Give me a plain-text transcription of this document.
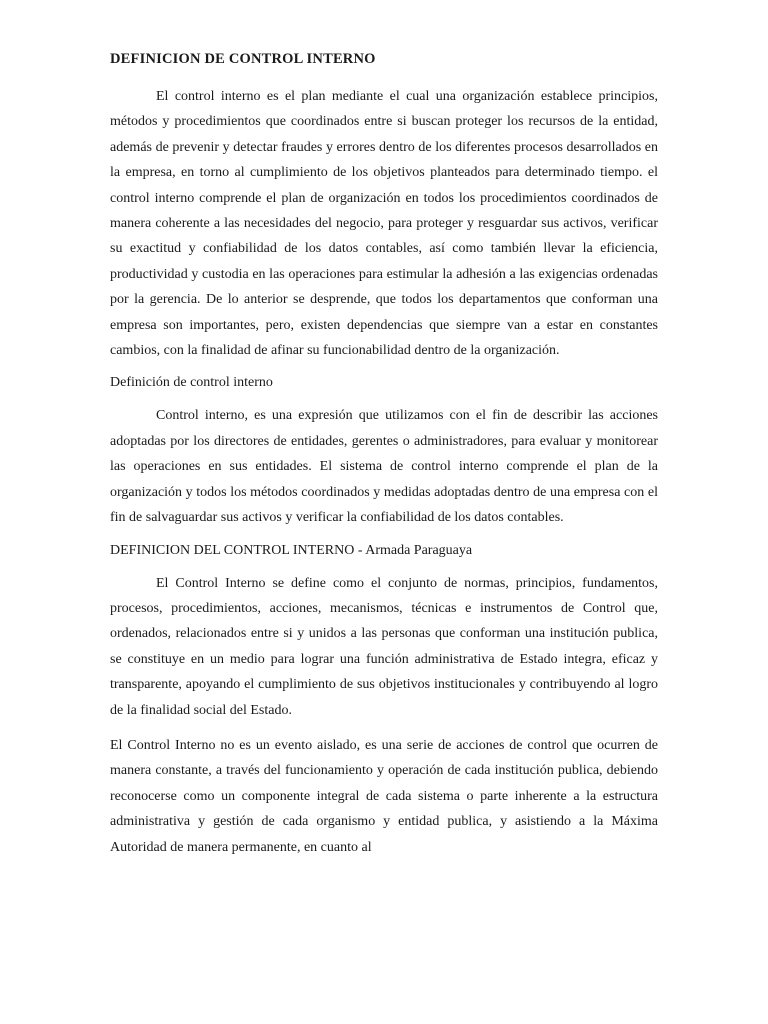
DEFINICION DE CONTROL INTERNO

El control interno es el plan mediante el cual una organización establece principios, métodos y procedimientos que coordinados entre si buscan proteger los recursos de la entidad, además de prevenir y detectar fraudes y errores dentro de los diferentes procesos desarrollados en la empresa, en torno al cumplimiento de los objetivos planteados para determinado tiempo. el control interno comprende el plan de organización en todos los procedimientos coordinados de manera coherente a las necesidades del negocio, para proteger y resguardar sus activos, verificar su exactitud y confiabilidad de los datos contables, así como también llevar la eficiencia, productividad y custodia en las operaciones para estimular la adhesión a las exigencias ordenadas por la gerencia. De lo anterior se desprende, que todos los departamentos que conforman una empresa son importantes, pero, existen dependencias que siempre van a estar en constantes cambios, con la finalidad de afinar su funcionabilidad dentro de la organización.

Definición de control interno

Control interno, es una expresión que utilizamos con el fin de describir las acciones adoptadas por los directores de entidades, gerentes o administradores, para evaluar y monitorear las operaciones en sus entidades. El sistema de control interno comprende el plan de la organización y todos los métodos coordinados y medidas adoptadas dentro de una empresa con el fin de salvaguardar sus activos y verificar la confiabilidad de los datos contables.

DEFINICION DEL CONTROL INTERNO - Armada Paraguaya

El Control Interno se define como el conjunto de normas, principios, fundamentos, procesos, procedimientos, acciones, mecanismos, técnicas e instrumentos de Control que, ordenados, relacionados entre si y unidos a las personas que conforman una institución publica, se constituye en un medio para lograr una función administrativa de Estado integra, eficaz y transparente, apoyando el cumplimiento de sus objetivos institucionales y contribuyendo al logro de la finalidad social del Estado.

El Control Interno no es un evento aislado, es una serie de acciones de control que ocurren de manera constante, a través del funcionamiento y operación de cada institución publica, debiendo reconocerse como un componente integral de cada sistema o parte inherente a la estructura administrativa y gestión de cada organismo y entidad publica, y asistiendo a la Máxima Autoridad de manera permanente, en cuanto al
